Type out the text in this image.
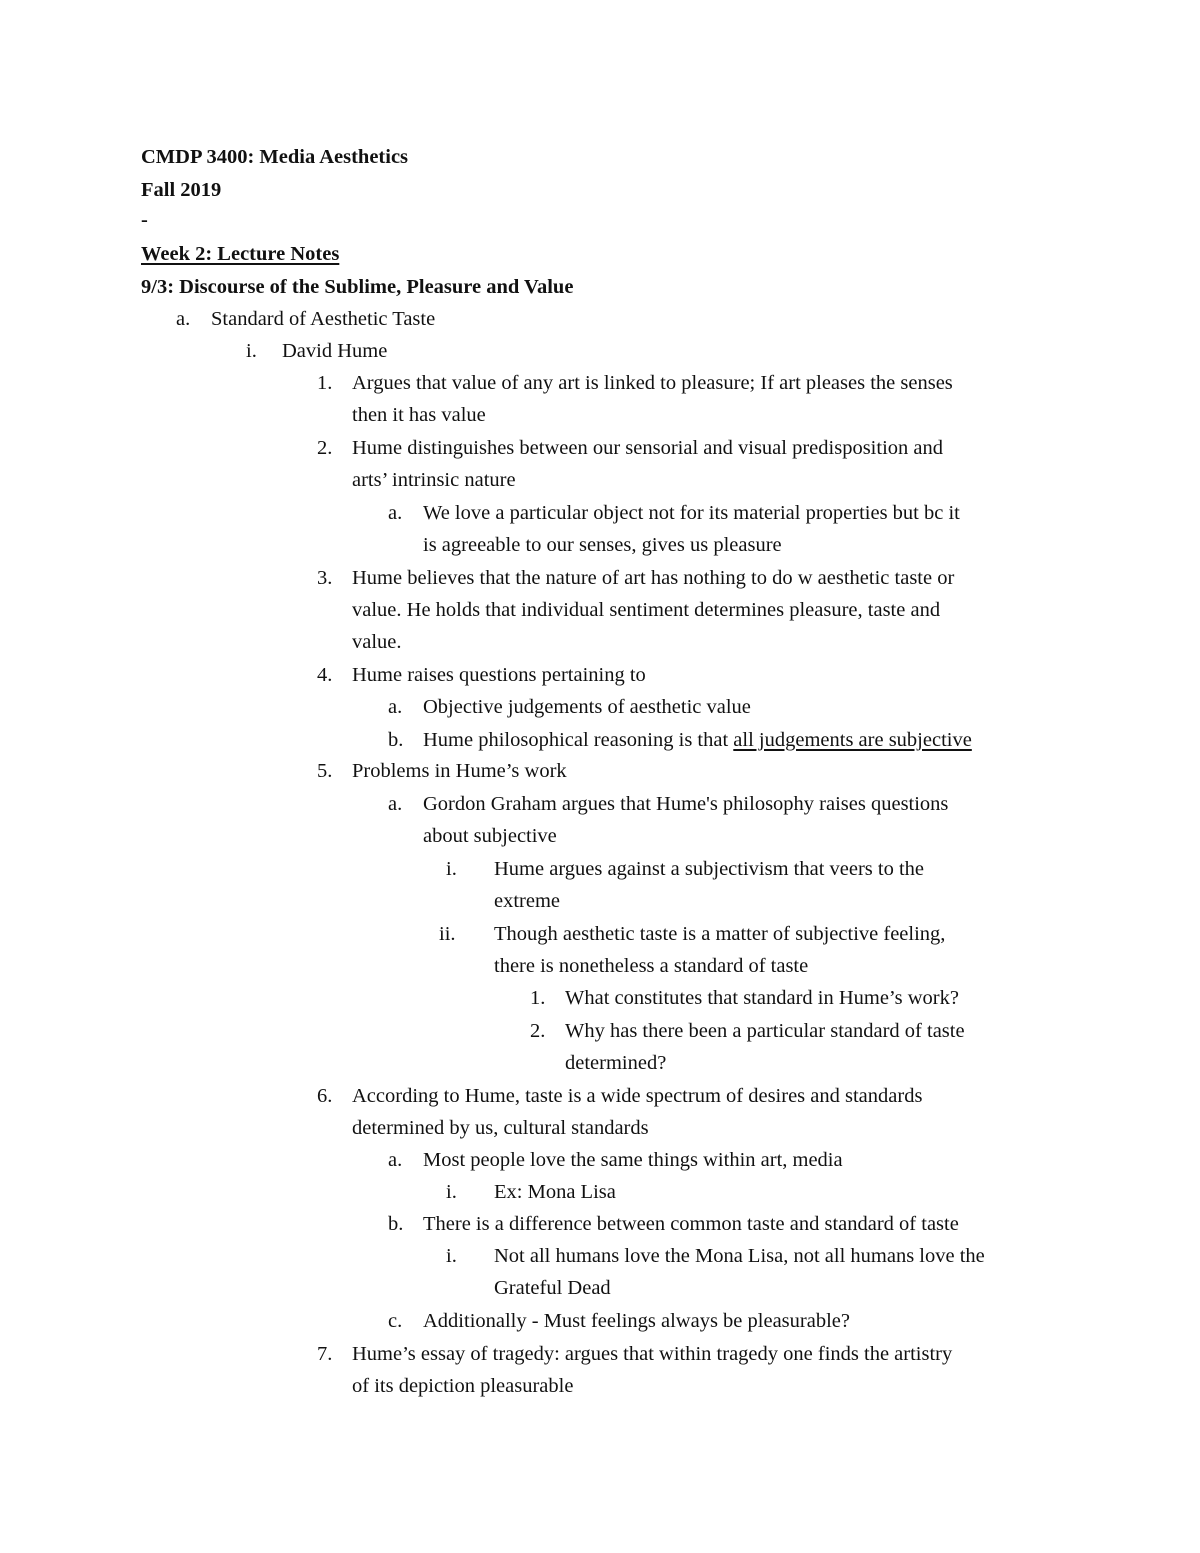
CMDP 3400: Media Aesthetics
Fall 2019
-
Week 2: Lecture Notes
9/3: Discourse of the Sublime, Pleasure and Value
a. Standard of Aesthetic Taste
i. David Hume
1. Argues that value of any art is linked to pleasure; If art pleases the senses
then it has value
2. Hume distinguishes between our sensorial and visual predisposition and
arts’ intrinsic nature
a. We love a particular object not for its material properties but bc it
is agreeable to our senses, gives us pleasure
3. Hume believes that the nature of art has nothing to do w aesthetic taste or
value. He holds that individual sentiment determines pleasure, taste and
value.
4. Hume raises questions pertaining to
a. Objective judgements of aesthetic value
b. Hume philosophical reasoning is that all judgements are subjective
5. Problems in Hume’s work
a. Gordon Graham argues that Hume's philosophy raises questions
about subjective
i. Hume argues against a subjectivism that veers to the
extreme
ii. Though aesthetic taste is a matter of subjective feeling,
there is nonetheless a standard of taste
1. What constitutes that standard in Hume’s work?
2. Why has there been a particular standard of taste
determined?
6. According to Hume, taste is a wide spectrum of desires and standards
determined by us, cultural standards
a. Most people love the same things within art, media
i. Ex: Mona Lisa
b. There is a difference between common taste and standard of taste
i. Not all humans love the Mona Lisa, not all humans love the
Grateful Dead
c. Additionally - Must feelings always be pleasurable?
7. Hume’s essay of tragedy: argues that within tragedy one finds the artistry
of its depiction pleasurable
